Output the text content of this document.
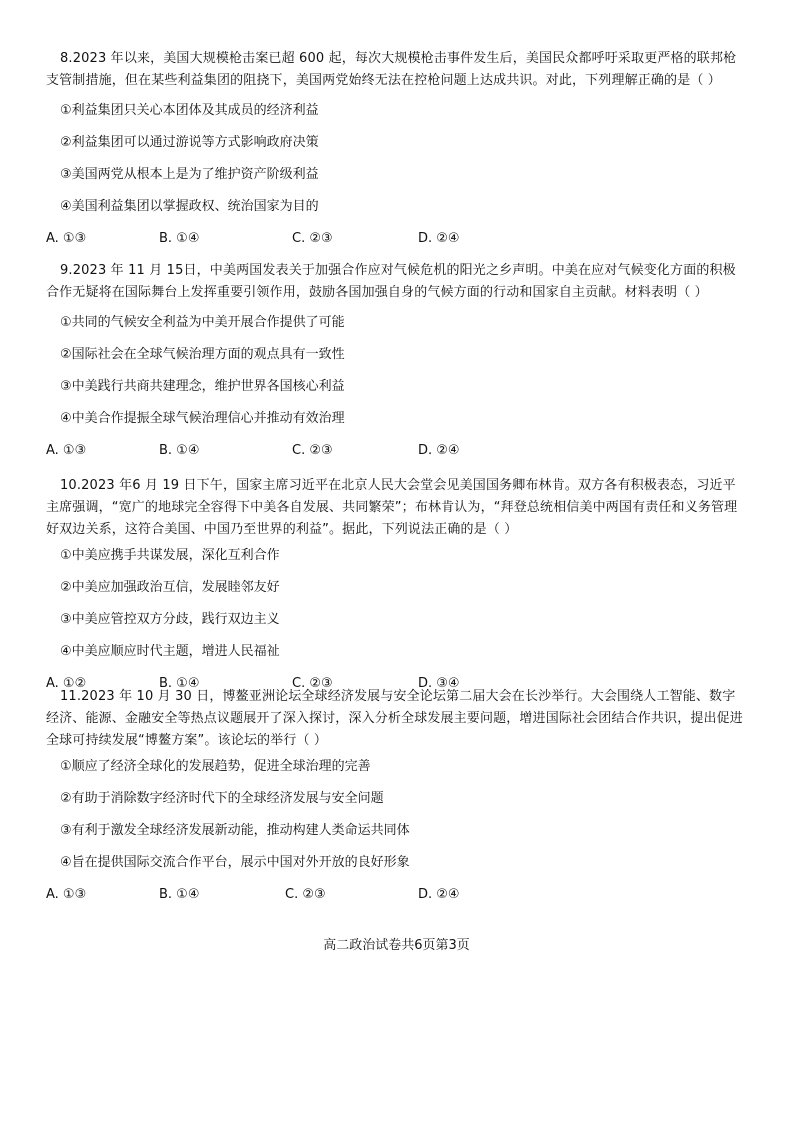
8.2023 年以来，美国大规模枪击案已超 600 起，每次大规模枪击事件发生后，美国民众都呼吁采取更严格的联邦枪支管制措施，但在某些利益集团的阻挠下，美国两党始终无法在控枪问题上达成共识。对此，下列理解正确的是（ ）

①利益集团只关心本团体及其成员的经济利益

②利益集团可以通过游说等方式影响政府决策

③美国两党从根本上是为了维护资产阶级利益

④美国利益集团以掌握政权、统治国家为目的

A. ①③	B. ①④	C. ②③	D. ②④

9.2023 年 11 月 15日，中美两国发表关于加强合作应对气候危机的阳光之乡声明。中美在应对气候变化方面的积极合作无疑将在国际舞台上发挥重要引领作用，鼓励各国加强自身的气候方面的行动和国家自主贡献。材料表明（ ）

①共同的气候安全利益为中美开展合作提供了可能

②国际社会在全球气候治理方面的观点具有一致性

③中美践行共商共建理念，维护世界各国核心利益

④中美合作提振全球气候治理信心并推动有效治理

A. ①③	B. ①④	C. ②③	D. ②④

10.2023 年6 月 19 日下午，国家主席习近平在北京人民大会堂会见美国国务卿布林肯。双方各有积极表态，习近平主席强调，“宽广的地球完全容得下中美各自发展、共同繁荣”；布林肯认为，“拜登总统相信美中两国有责任和义务管理好双边关系，这符合美国、中国乃至世界的利益”。据此，下列说法正确的是（ ）

①中美应携手共谋发展，深化互利合作

②中美应加强政治互信，发展睦邻友好

③中美应管控双方分歧，践行双边主义

④中美应顺应时代主题，增进人民福祉

A. ①②	B. ①④	C. ②③	D. ③④

11.2023 年 10 月 30 日，博鳌亚洲论坛全球经济发展与安全论坛第二届大会在长沙举行。大会围绕人工智能、数字经济、能源、金融安全等热点议题展开了深入探讨，深入分析全球发展主要问题，增进国际社会团结合作共识，提出促进全球可持续发展“博鳌方案”。该论坛的举行（ ）

①顺应了经济全球化的发展趋势，促进全球治理的完善

②有助于消除数字经济时代下的全球经济发展与安全问题

③有利于激发全球经济发展新动能，推动构建人类命运共同体

④旨在提供国际交流合作平台，展示中国对外开放的良好形象

A. ①③	B. ①④	C. ②③	D. ②④
高二政治试卷共6页第3页
